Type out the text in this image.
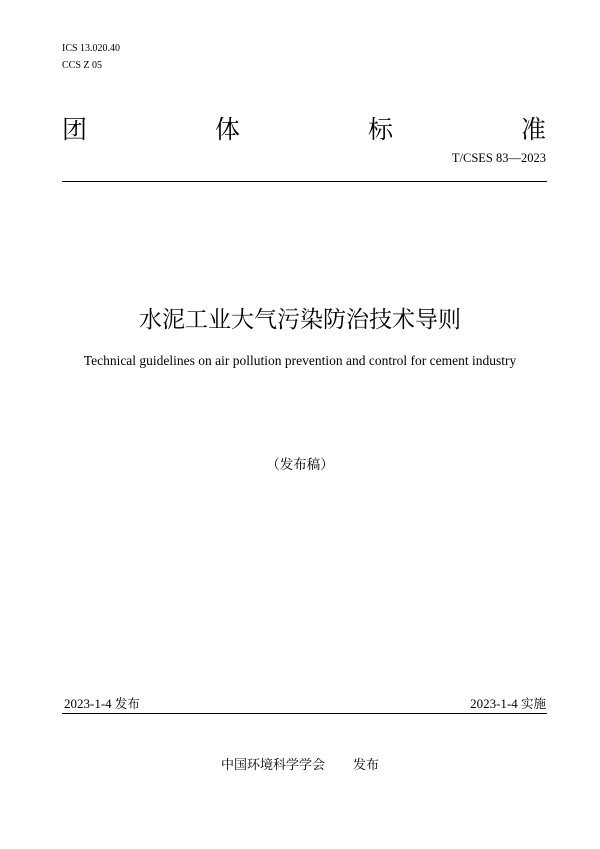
ICS 13.020.40
CCS Z 05
团	体	标	准
T/CSES 83—2023
水泥工业大气污染防治技术导则
Technical guidelines on air pollution prevention and control for cement industry
（发布稿）
2023-1-4 发布	2023-1-4 实施
中国环境科学学会 发布
